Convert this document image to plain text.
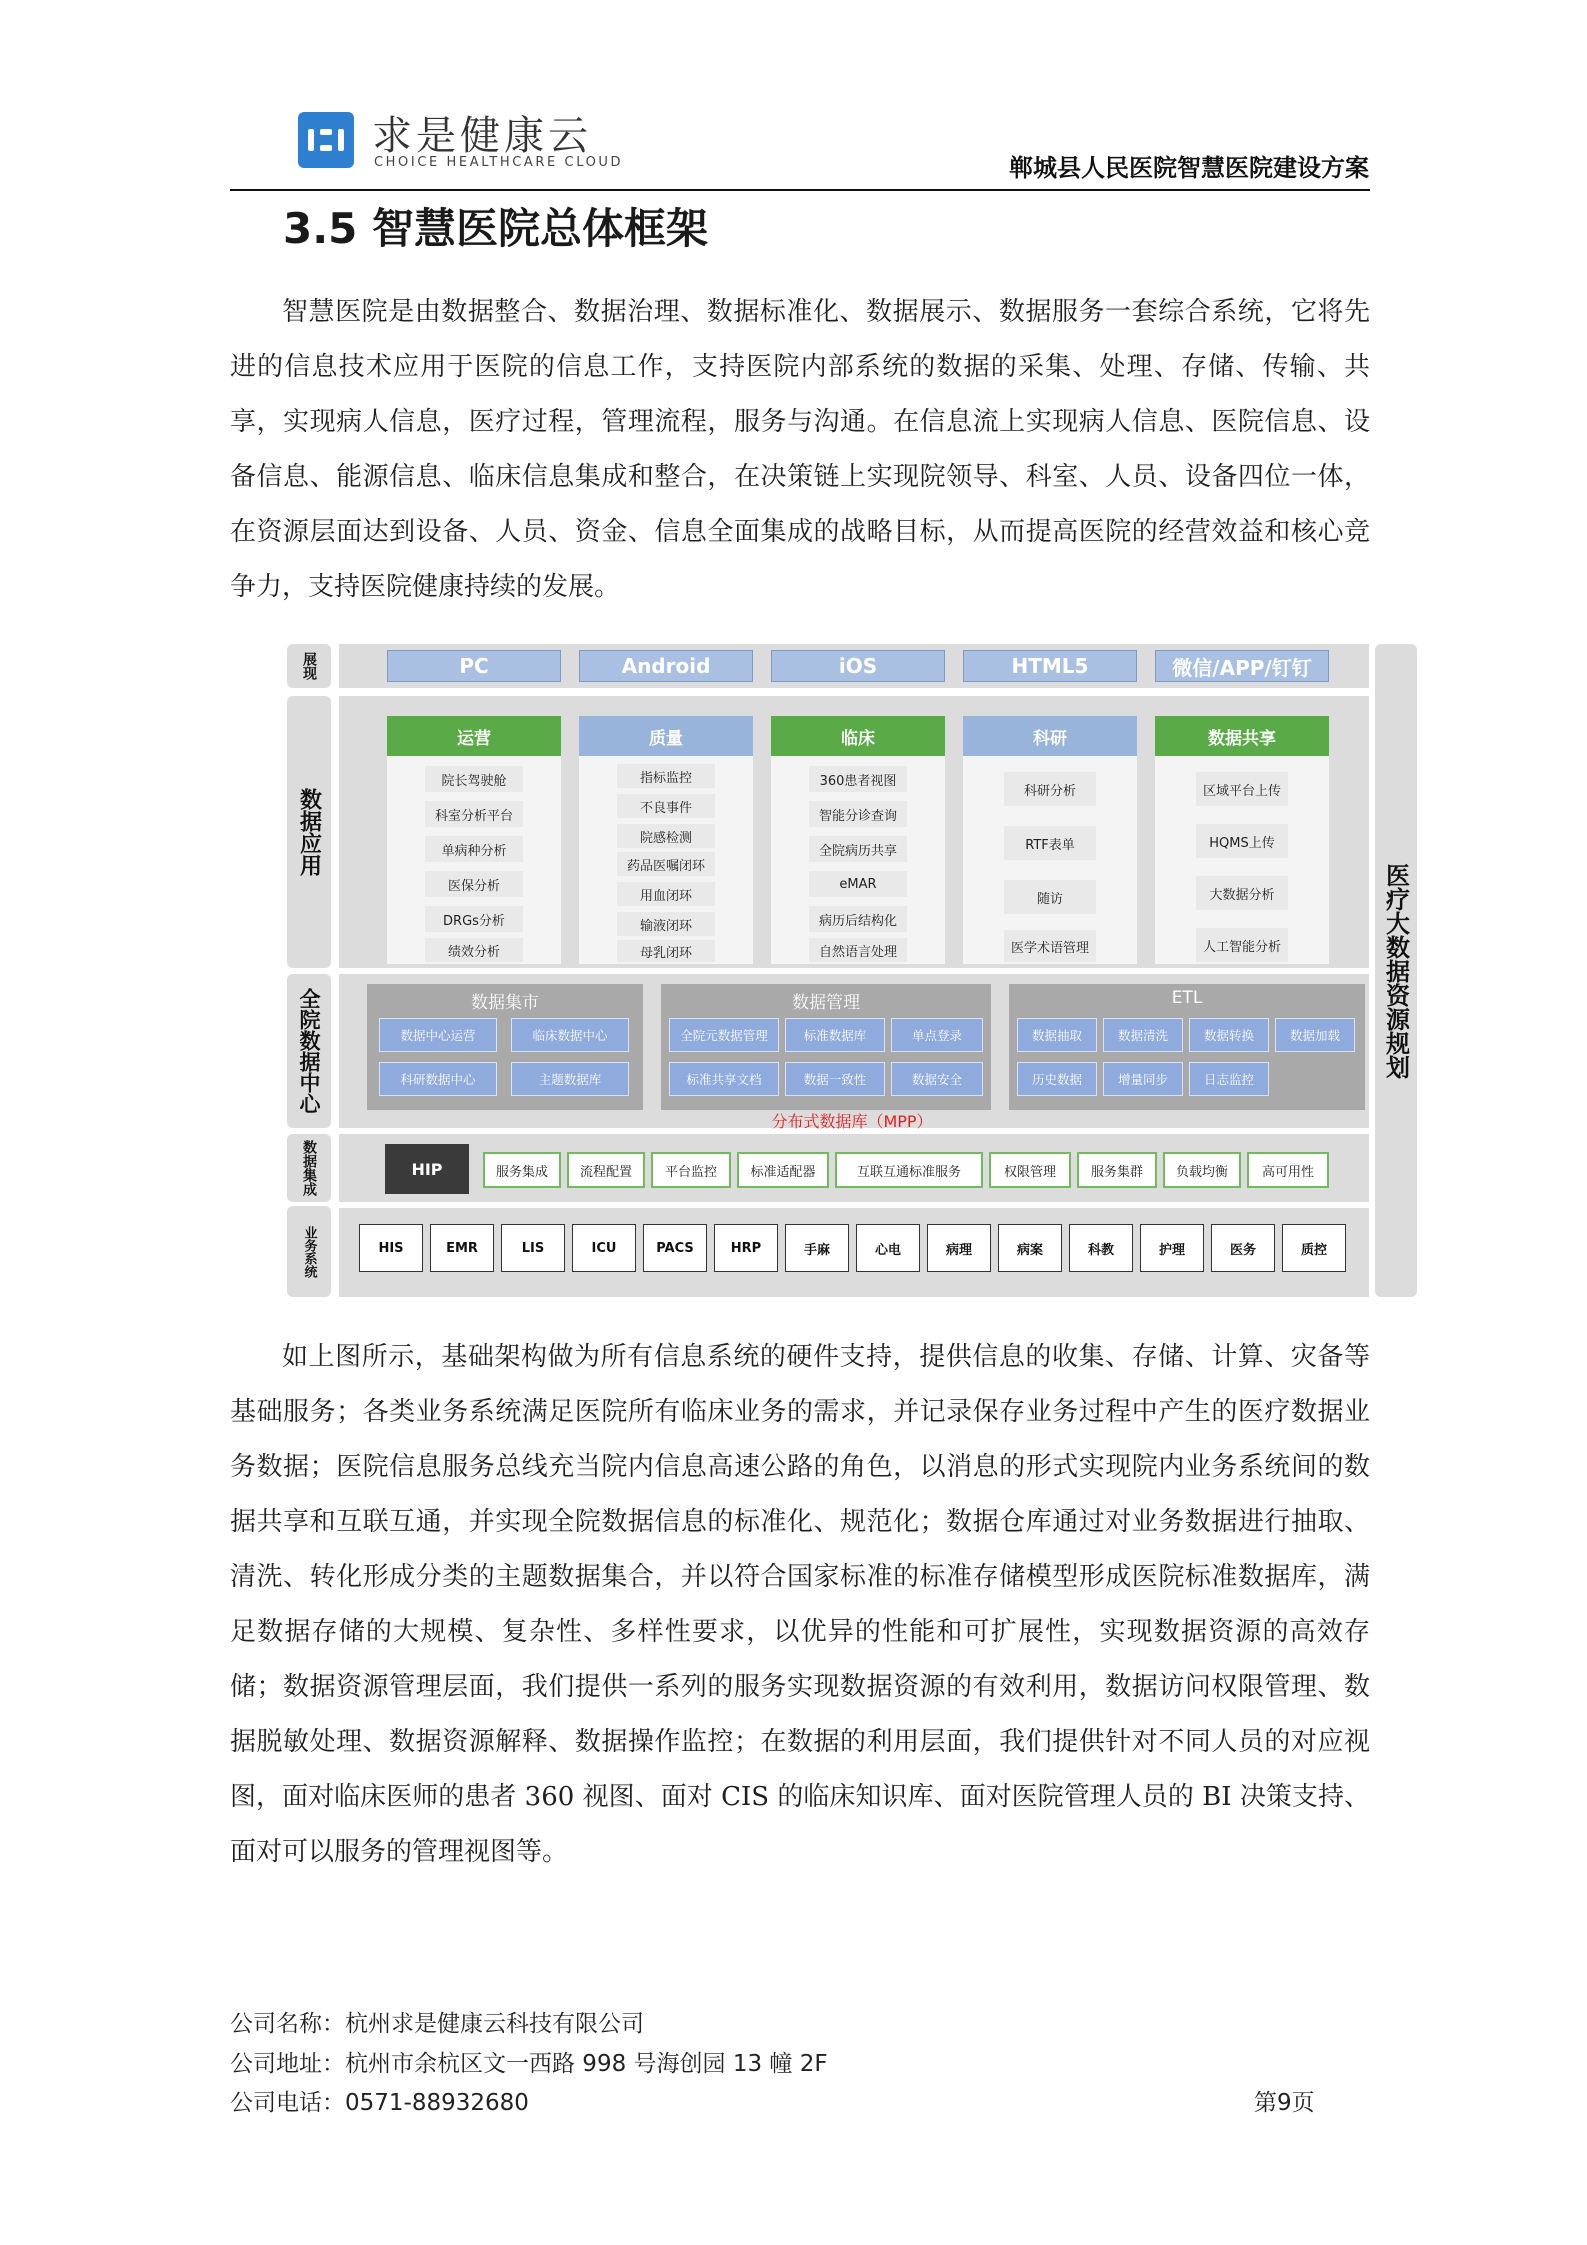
求是健康云
CHOICE HEALTHCARE CLOUD	郸城县人民医院智慧医院建设方案
3.5 智慧医院总体框架

智慧医院是由数据整合、数据治理、数据标准化、数据展示、数据服务一套综合系统，它将先进的信息技术应用于医院的信息工作，支持医院内部系统的数据的采集、处理、存储、传输、共享，实现病人信息，医疗过程，管理流程，服务与沟通。在信息流上实现病人信息、医院信息、设备信息、能源信息、临床信息集成和整合，在决策链上实现院领导、科室、人员、设备四位一体，在资源层面达到设备、人员、资金、信息全面集成的战略目标，从而提高医院的经营效益和核心竞争力，支持医院健康持续的发展。

展现
数据应用
全院数据中心
数据集成
业务系统
医疗大数据资源规划
PC	Android	iOS	HTML5	微信/APP/钉钉
运营
院长驾驶舱
科室分析平台
单病种分析
医保分析
DRGs分析
绩效分析
质量
指标监控
不良事件
院感检测
药品医嘱闭环
用血闭环
输液闭环
母乳闭环
临床
360患者视图
智能分诊查询
全院病历共享
eMAR
病历后结构化
自然语言处理
科研
科研分析
RTF表单
随访
医学术语管理
数据共享
区域平台上传
HQMS上传
大数据分析
人工智能分析
数据集市
数据中心运营	临床数据中心
科研数据中心	主题数据库
数据管理
全院元数据管理	标准数据库	单点登录
标准共享文档	数据一致性	数据安全
ETL
数据抽取	数据清洗	数据转换	数据加载
历史数据	增量同步	日志监控
分布式数据库（MPP）
HIP	服务集成	流程配置	平台监控	标准适配器	互联互通标准服务	权限管理	服务集群	负载均衡	高可用性
HIS	EMR	LIS	ICU	PACS	HRP	手麻	心电	病理	病案	科教	护理	医务	质控

如上图所示，基础架构做为所有信息系统的硬件支持，提供信息的收集、存储、计算、灾备等基础服务；各类业务系统满足医院所有临床业务的需求，并记录保存业务过程中产生的医疗数据业务数据；医院信息服务总线充当院内信息高速公路的角色，以消息的形式实现院内业务系统间的数据共享和互联互通，并实现全院数据信息的标准化、规范化；数据仓库通过对业务数据进行抽取、清洗、转化形成分类的主题数据集合，并以符合国家标准的标准存储模型形成医院标准数据库，满足数据存储的大规模、复杂性、多样性要求，以优异的性能和可扩展性，实现数据资源的高效存储；数据资源管理层面，我们提供一系列的服务实现数据资源的有效利用，数据访问权限管理、数据脱敏处理、数据资源解释、数据操作监控；在数据的利用层面，我们提供针对不同人员的对应视图，面对临床医师的患者 360 视图、面对 CIS 的临床知识库、面对医院管理人员的 BI 决策支持、面对可以服务的管理视图等。

公司名称：杭州求是健康云科技有限公司
公司地址：杭州市余杭区文一西路 998 号海创园 13 幢 2F
公司电话：0571-88932680	第9页
